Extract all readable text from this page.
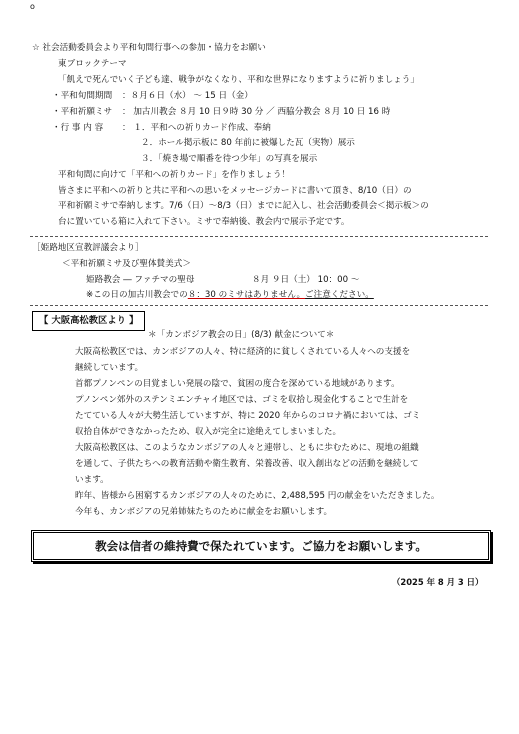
o
☆ 社会活動委員会より平和旬間行事への参加・協力をお願い
東ブロックテーマ
「飢えで死んでいく子ども達、戦争がなくなり、平和な世界になりますように祈りましょう」
・平和旬間期間 ：８月６日（水） ～ 15 日（金）
・平和祈願ミサ ： 加古川教会 ８月 10 日９時 30 分 ／ 西脇分教会 ８月 10 日 16 時
・行 事 内 容 ： １．平和への祈りカード作成、奉納
２．ホール掲示板に 80 年前に被爆した瓦（実物）展示
３．「焼き場で順番を待つ少年」の写真を展示
平和旬間に向けて「平和への祈りカード」を作りましょう！
皆さまに平和への祈りと共に平和への思いをメッセージカードに書いて頂き、8/10（日）の
平和祈願ミサで奉納します。7/6（日）～8/3（日）までに記入し、社会活動委員会＜掲示板＞の
台に置いている箱に入れて下さい。ミサで奉納後、教会内で展示予定です。
［姫路地区宣教評議会より］
＜平和祈願ミサ及び聖体賛美式＞
姫路教会 ― ファチマの聖母	８月 ９日（土） 10：00 ～
※この日の加古川教会での８：30 のミサはありません。ご注意ください。
【 大阪高松教区より 】
＊「カンボジア教会の日」(8/3) 献金について＊
大阪高松教区では、カンボジアの人々、特に経済的に貧しくされている人々への支援を
継続しています。
首都プノンペンの目覚ましい発展の陰で、貧困の度合を深めている地域があります。
プノンペン郊外のステンミエンチャイ地区では、ゴミを収拾し現金化することで生計を
たてている人々が大勢生活していますが、特に 2020 年からのコロナ禍においては、ゴミ
収拾自体ができなかったため、収入が完全に途絶えてしまいました。
大阪高松教区は、このようなカンボジアの人々と連帯し、ともに歩むために、現地の組織
を通して、子供たちへの教育活動や衛生教育、栄養改善、収入創出などの活動を継続して
います。
昨年、皆様から困窮するカンボジアの人々のために、2,488,595 円の献金をいただきました。
今年も、カンボジアの兄弟姉妹たちのために献金をお願いします。
教会は信者の維持費で保たれています。ご協力をお願いします。
（2025 年 8 月 3 日）
